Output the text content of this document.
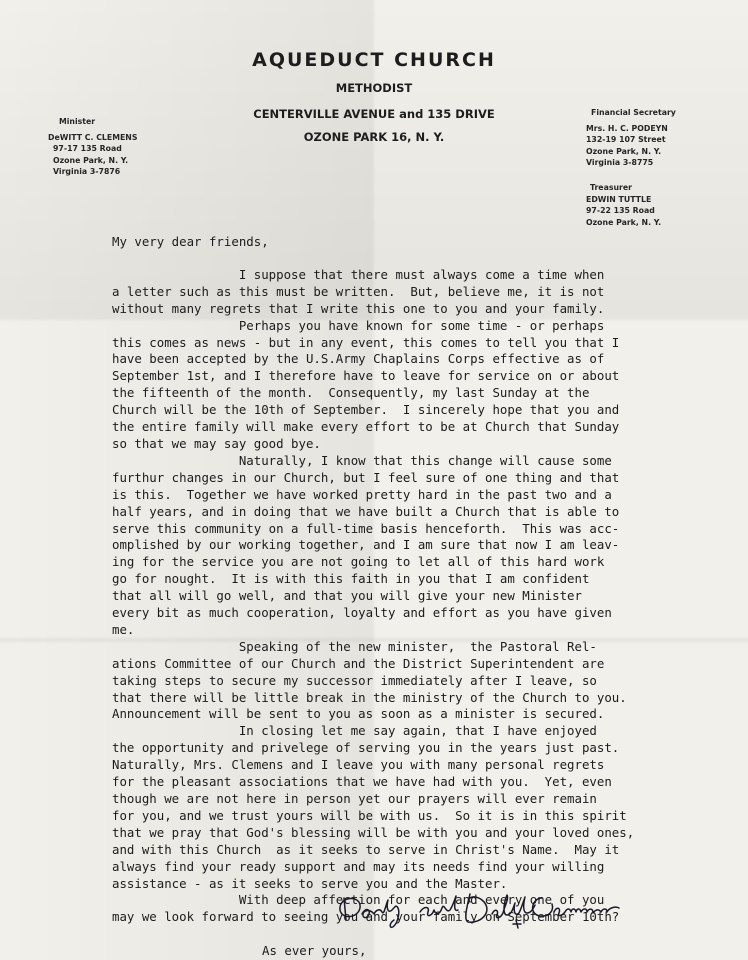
AQUEDUCT CHURCH
METHODIST
CENTERVILLE AVENUE and 135 DRIVE
OZONE PARK 16, N. Y.
Minister
DeWITT C. CLEMENS
97-17 135 Road
Ozone Park, N. Y.
Virginia 3-7876
Financial Secretary
Mrs. H. C. PODEYN
132-19 107 Street
Ozone Park, N. Y.
Virginia 3-8775
Treasurer
EDWIN TUTTLE
97-22 135 Road
Ozone Park, N. Y.
My very dear friends,
I suppose that there must always come a time when
a letter such as this must be written.  But, believe me, it is not
without many regrets that I write this one to you and your family.
Perhaps you have known for some time - or perhaps
this comes as news - but in any event, this comes to tell you that I
have been accepted by the U.S.Army Chaplains Corps effective as of
September 1st, and I therefore have to leave for service on or about
the fifteenth of the month.  Consequently, my last Sunday at the
Church will be the 10th of September.  I sincerely hope that you and
the entire family will make every effort to be at Church that Sunday
so that we may say good bye.
Naturally, I know that this change will cause some
furthur changes in our Church, but I feel sure of one thing and that
is this.  Together we have worked pretty hard in the past two and a
half years, and in doing that we have built a Church that is able to
serve this community on a full-time basis henceforth.  This was acc-
omplished by our working together, and I am sure that now I am leav-
ing for the service you are not going to let all of this hard work
go for nought.  It is with this faith in you that I am confident
that all will go well, and that you will give your new Minister
every bit as much cooperation, loyalty and effort as you have given
me.
Speaking of the new minister,  the Pastoral Rel-
ations Committee of our Church and the District Superintendent are
taking steps to secure my successor immediately after I leave, so
that there will be little break in the ministry of the Church to you.
Announcement will be sent to you as soon as a minister is secured.
In closing let me say again, that I have enjoyed
the opportunity and privelege of serving you in the years just past.
Naturally, Mrs. Clemens and I leave you with many personal regrets
for the pleasant associations that we have had with you.  Yet, even
though we are not here in person yet our prayers will ever remain
for you, and we trust yours will be with us.  So it is in this spirit
that we pray that God's blessing will be with you and your loved ones,
and with this Church  as it seeks to serve in Christ's Name.  May it
always find your ready support and may its needs find your willing
assistance - as it seeks to serve you and the Master.
With deep affection for each and every one of you
may we look forward to seeing you and your family on September 10th?
As ever yours,
